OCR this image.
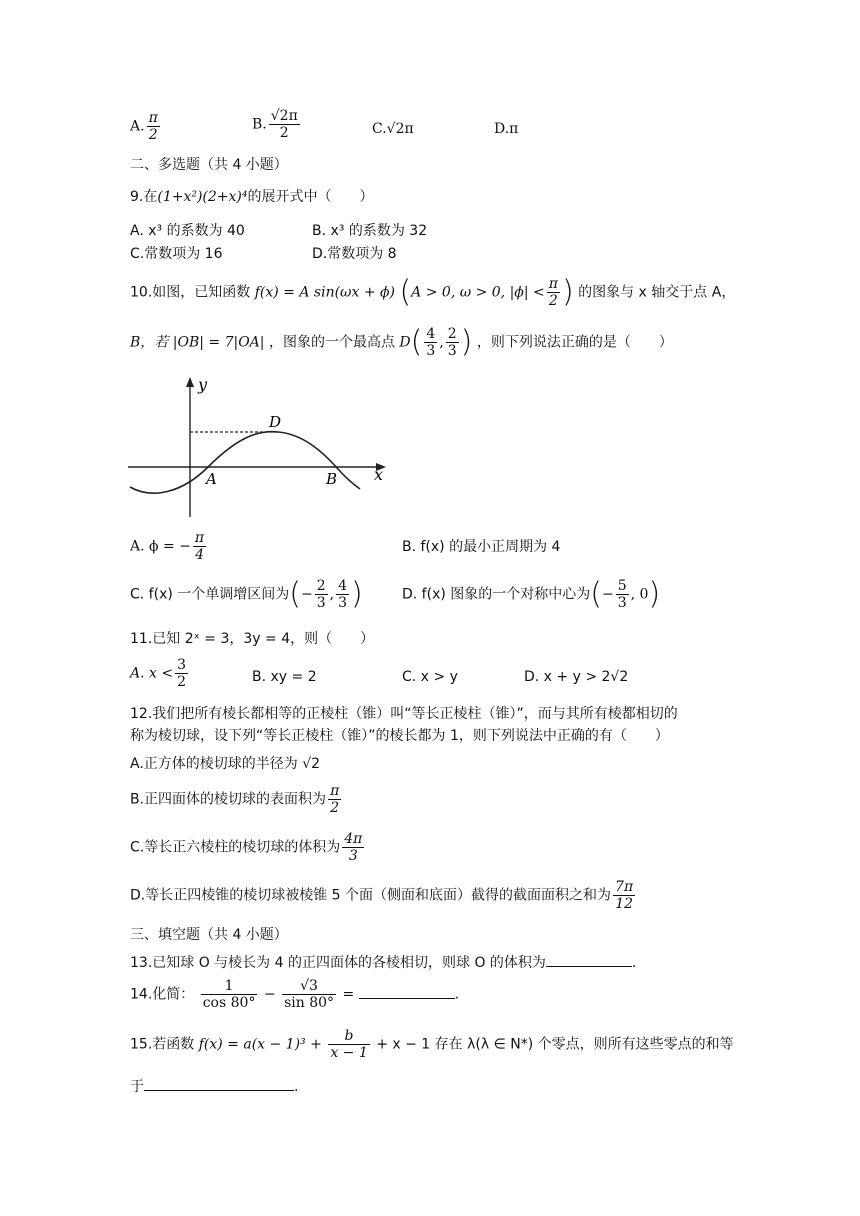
A. $\frac{\pi}{2}$	B. $\frac{√2\pi}{2}$	C.√2π	D.π
二、多选题（共 4 小题）
9.在(1+x²)(2+x)⁴的展开式中（　　）
A. x³ 的系数为 40	B. x³ 的系数为 32
C.常数项为 16	D.常数项为 8
10.如图，已知函数 f(x) = A sin(ωx + ϕ) (A > 0, ω > 0, $|\phi| < \frac{\pi}{2}$ ) 的图象与 x 轴交于点 A，
B，若 |OB| = 7|OA| ，图象的一个最高点 $D( \frac{4}{3}$ , $\frac{2}{3}$ ) ，则下列说法正确的是（　　）
y
x
D
A	B
A. ϕ = − $\frac{\pi}{4}$	B. f(x) 的最小正周期为 4
C. f(x) 一个单调增区间为(− $\frac{2}{3}$ , $\frac{4}{3}$ )	D. f(x) 图象的一个对称中心为(− $\frac{5}{3}$ , 0)
11.已知 2ˣ = 3，3y = 4，则（　　）
A. $x < \frac{3}{2}$	B. xy = 2	C. x > y	D. x + y > 2√2
12.我们把所有棱长都相等的正棱柱（锥）叫“等长正棱柱（锥）”，而与其所有棱都相切的
称为棱切球，设下列“等长正棱柱（锥）”的棱长都为 1，则下列说法中正确的有（　　）
A.正方体的棱切球的半径为 √2
B.正四面体的棱切球的表面积为 $\frac{\pi}{2}$
C.等长正六棱柱的棱切球的体积为 $\frac{4\pi}{3}$
D.等长正四棱锥的棱切球被棱锥 5 个面（侧面和底面）截得的截面面积之和为 $\frac{7\pi}{12}$
三、填空题（共 4 小题）
13.已知球 O 与棱长为 4 的正四面体的各棱相切，则球 O 的体积为	.
14.化简： $\frac{1}{\cos 80^\circ} - \frac{√3}{\sin 80^\circ}$ =	.
15.若函数 $f(x) = a(x - 1)^3 + \frac{b}{x - 1} + x - 1$ 存在 λ(λ ∈ N*) 个零点，则所有这些零点的和等
于	.
